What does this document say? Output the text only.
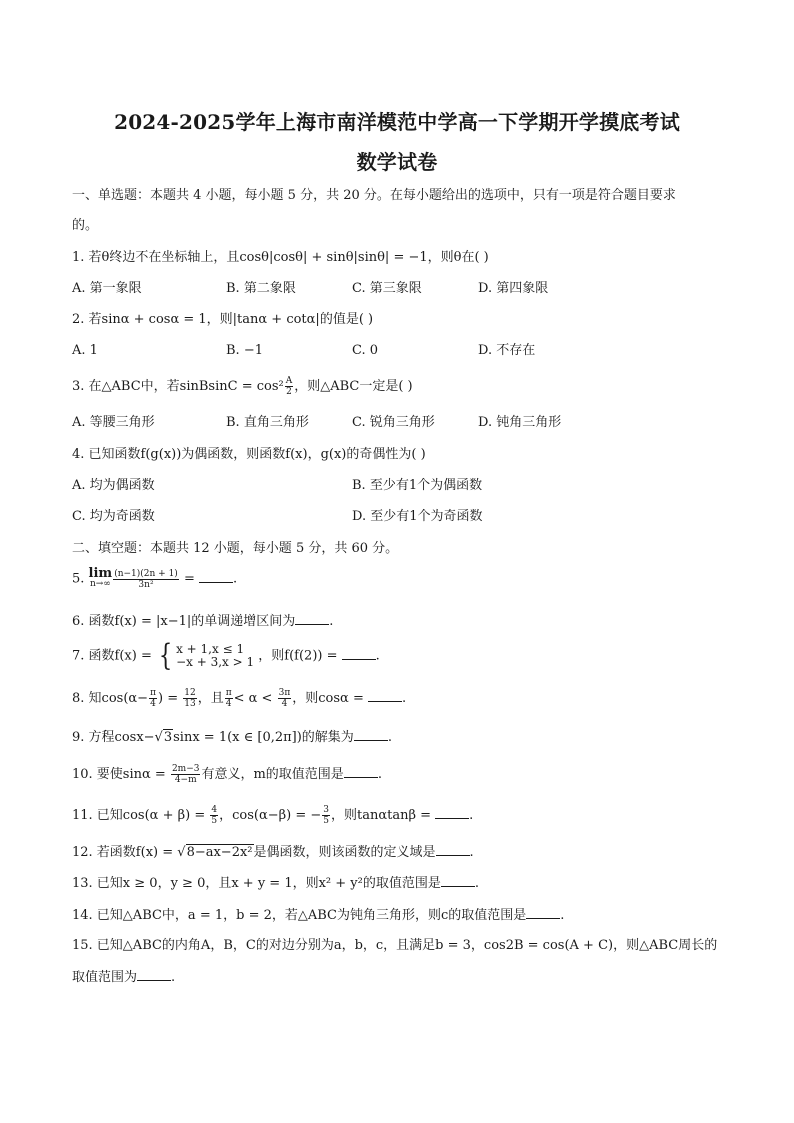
2024-2025学年上海市南洋模范中学高一下学期开学摸底考试
数学试卷
一、单选题：本题共 4 小题，每小题 5 分，共 20 分。在每小题给出的选项中，只有一项是符合题目要求
的。
1. 若θ终边不在坐标轴上，且cosθ|cosθ| + sinθ|sinθ| = −1，则θ在( )
A. 第一象限	B. 第二象限	C. 第三象限	D. 第四象限
2. 若sinα + cosα = 1，则|tanα + cotα|的值是( )
A. 1	B. −1	C. 0	D. 不存在
3. 在△ABC中，若sinBsinC = $\cos^2 \frac{A}{2}$ ，则△ABC一定是( )
A. 等腰三角形	B. 直角三角形	C. 锐角三角形	D. 钝角三角形
4. 已知函数f(g(x))为偶函数，则函数f(x)，g(x)的奇偶性为( )
A. 均为偶函数	B. 至少有1个为偶函数
C. 均为奇函数	D. 至少有1个为奇函数
二、填空题：本题共 12 小题，每小题 5 分，共 60 分。
5. lim
$n\to\infty \frac{(n-1)(2n + 1)}{\text{3n²}}$ =	.
6. 函数f(x) = |x−1|的单调递增区间为	.
7. 函数f(x) = { x + 1,x ≤ 1
−x + 3,x > 1 ，则f(f(2)) =	.
8. 知$\cos(\alpha- \frac{\pi}{4}$ ) = $\frac{12}{13}$ ，且 $\frac{\pi}{4} < \alpha < \frac{3\pi}{4}$ ，则cosα =	.
9. 方程cosx−√3sinx = 1(x ∈ [0,2π])的解集为	.
10. 要使$\sin\alpha = \frac{2m-3}{4-m}$ 有意义，m的取值范围是	.
11. 已知$\cos(\alpha + \beta) = \frac{4}{5}$ ，cos(α−β) = − $\frac{3}{5}$ ，则tanαtanβ =	.
12. 若函数f(x) = √8−ax−2x²是偶函数，则该函数的定义域是	.
13. 已知x ≥ 0，y ≥ 0，且x + y = 1，则x² + y²的取值范围是	.
14. 已知△ABC中，a = 1，b = 2，若△ABC为钝角三角形，则c的取值范围是	.
15. 已知△ABC的内角A，B，C的对边分别为a，b，c，且满足b = 3，cos2B = cos(A + C)，则△ABC周长的
取值范围为	.
